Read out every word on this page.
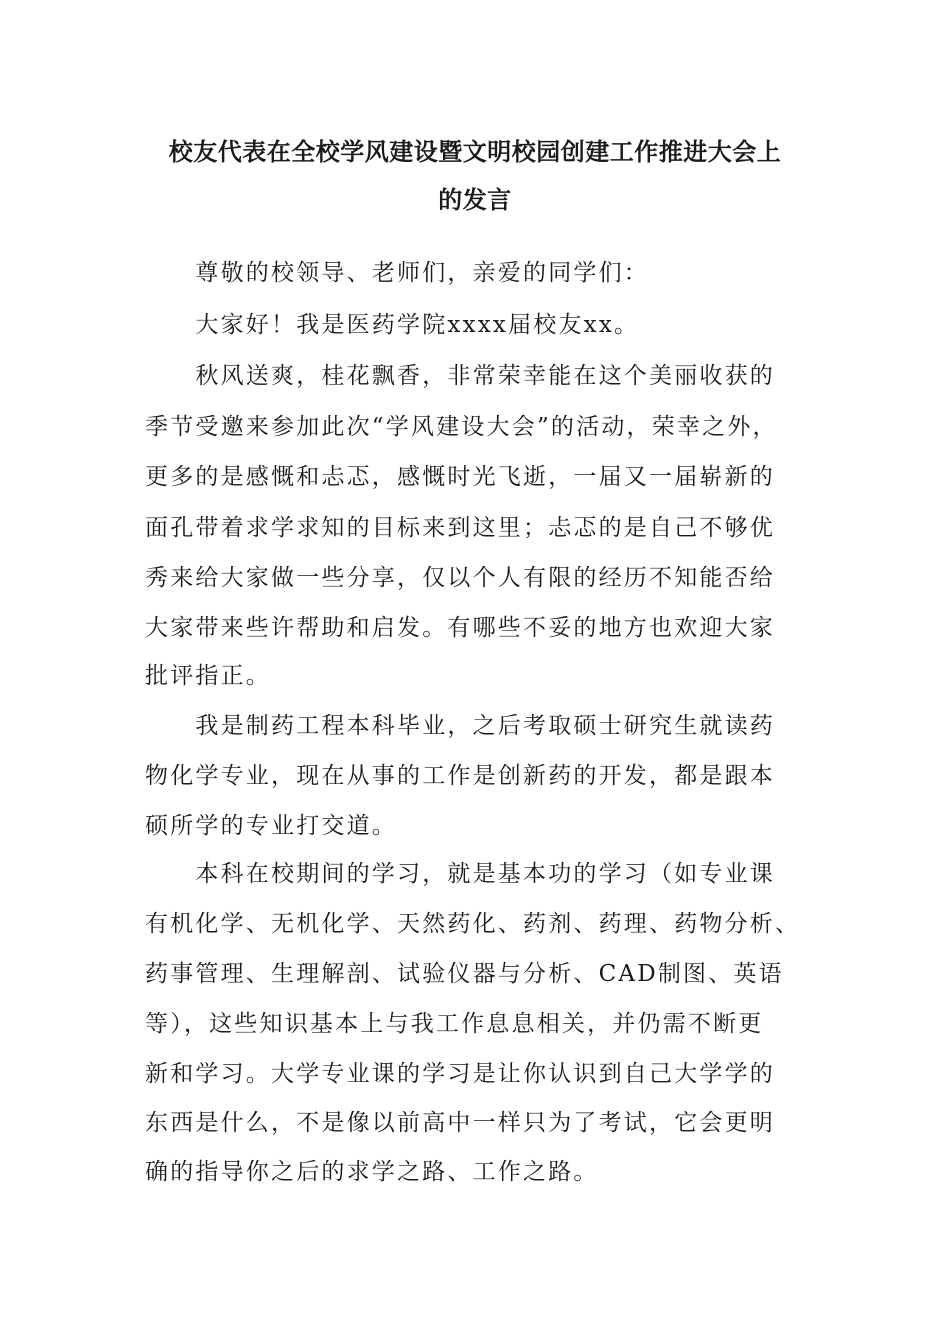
校友代表在全校学风建设暨文明校园创建工作推进大会上
的发言
　　尊敬的校领导、老师们，亲爱的同学们：
　　大家好！我是医药学院xxxx届校友xx。
　　秋风送爽，桂花飘香，非常荣幸能在这个美丽收获的
季节受邀来参加此次“学风建设大会”的活动，荣幸之外，
更多的是感慨和忐忑，感慨时光飞逝，一届又一届崭新的
面孔带着求学求知的目标来到这里；忐忑的是自己不够优
秀来给大家做一些分享，仅以个人有限的经历不知能否给
大家带来些许帮助和启发。有哪些不妥的地方也欢迎大家
批评指正。
　　我是制药工程本科毕业，之后考取硕士研究生就读药
物化学专业，现在从事的工作是创新药的开发，都是跟本
硕所学的专业打交道。
　　本科在校期间的学习，就是基本功的学习（如专业课
有机化学、无机化学、天然药化、药剂、药理、药物分析、
药事管理、生理解剖、试验仪器与分析、CAD制图、英语
等），这些知识基本上与我工作息息相关，并仍需不断更
新和学习。大学专业课的学习是让你认识到自己大学学的
东西是什么，不是像以前高中一样只为了考试，它会更明
确的指导你之后的求学之路、工作之路。
